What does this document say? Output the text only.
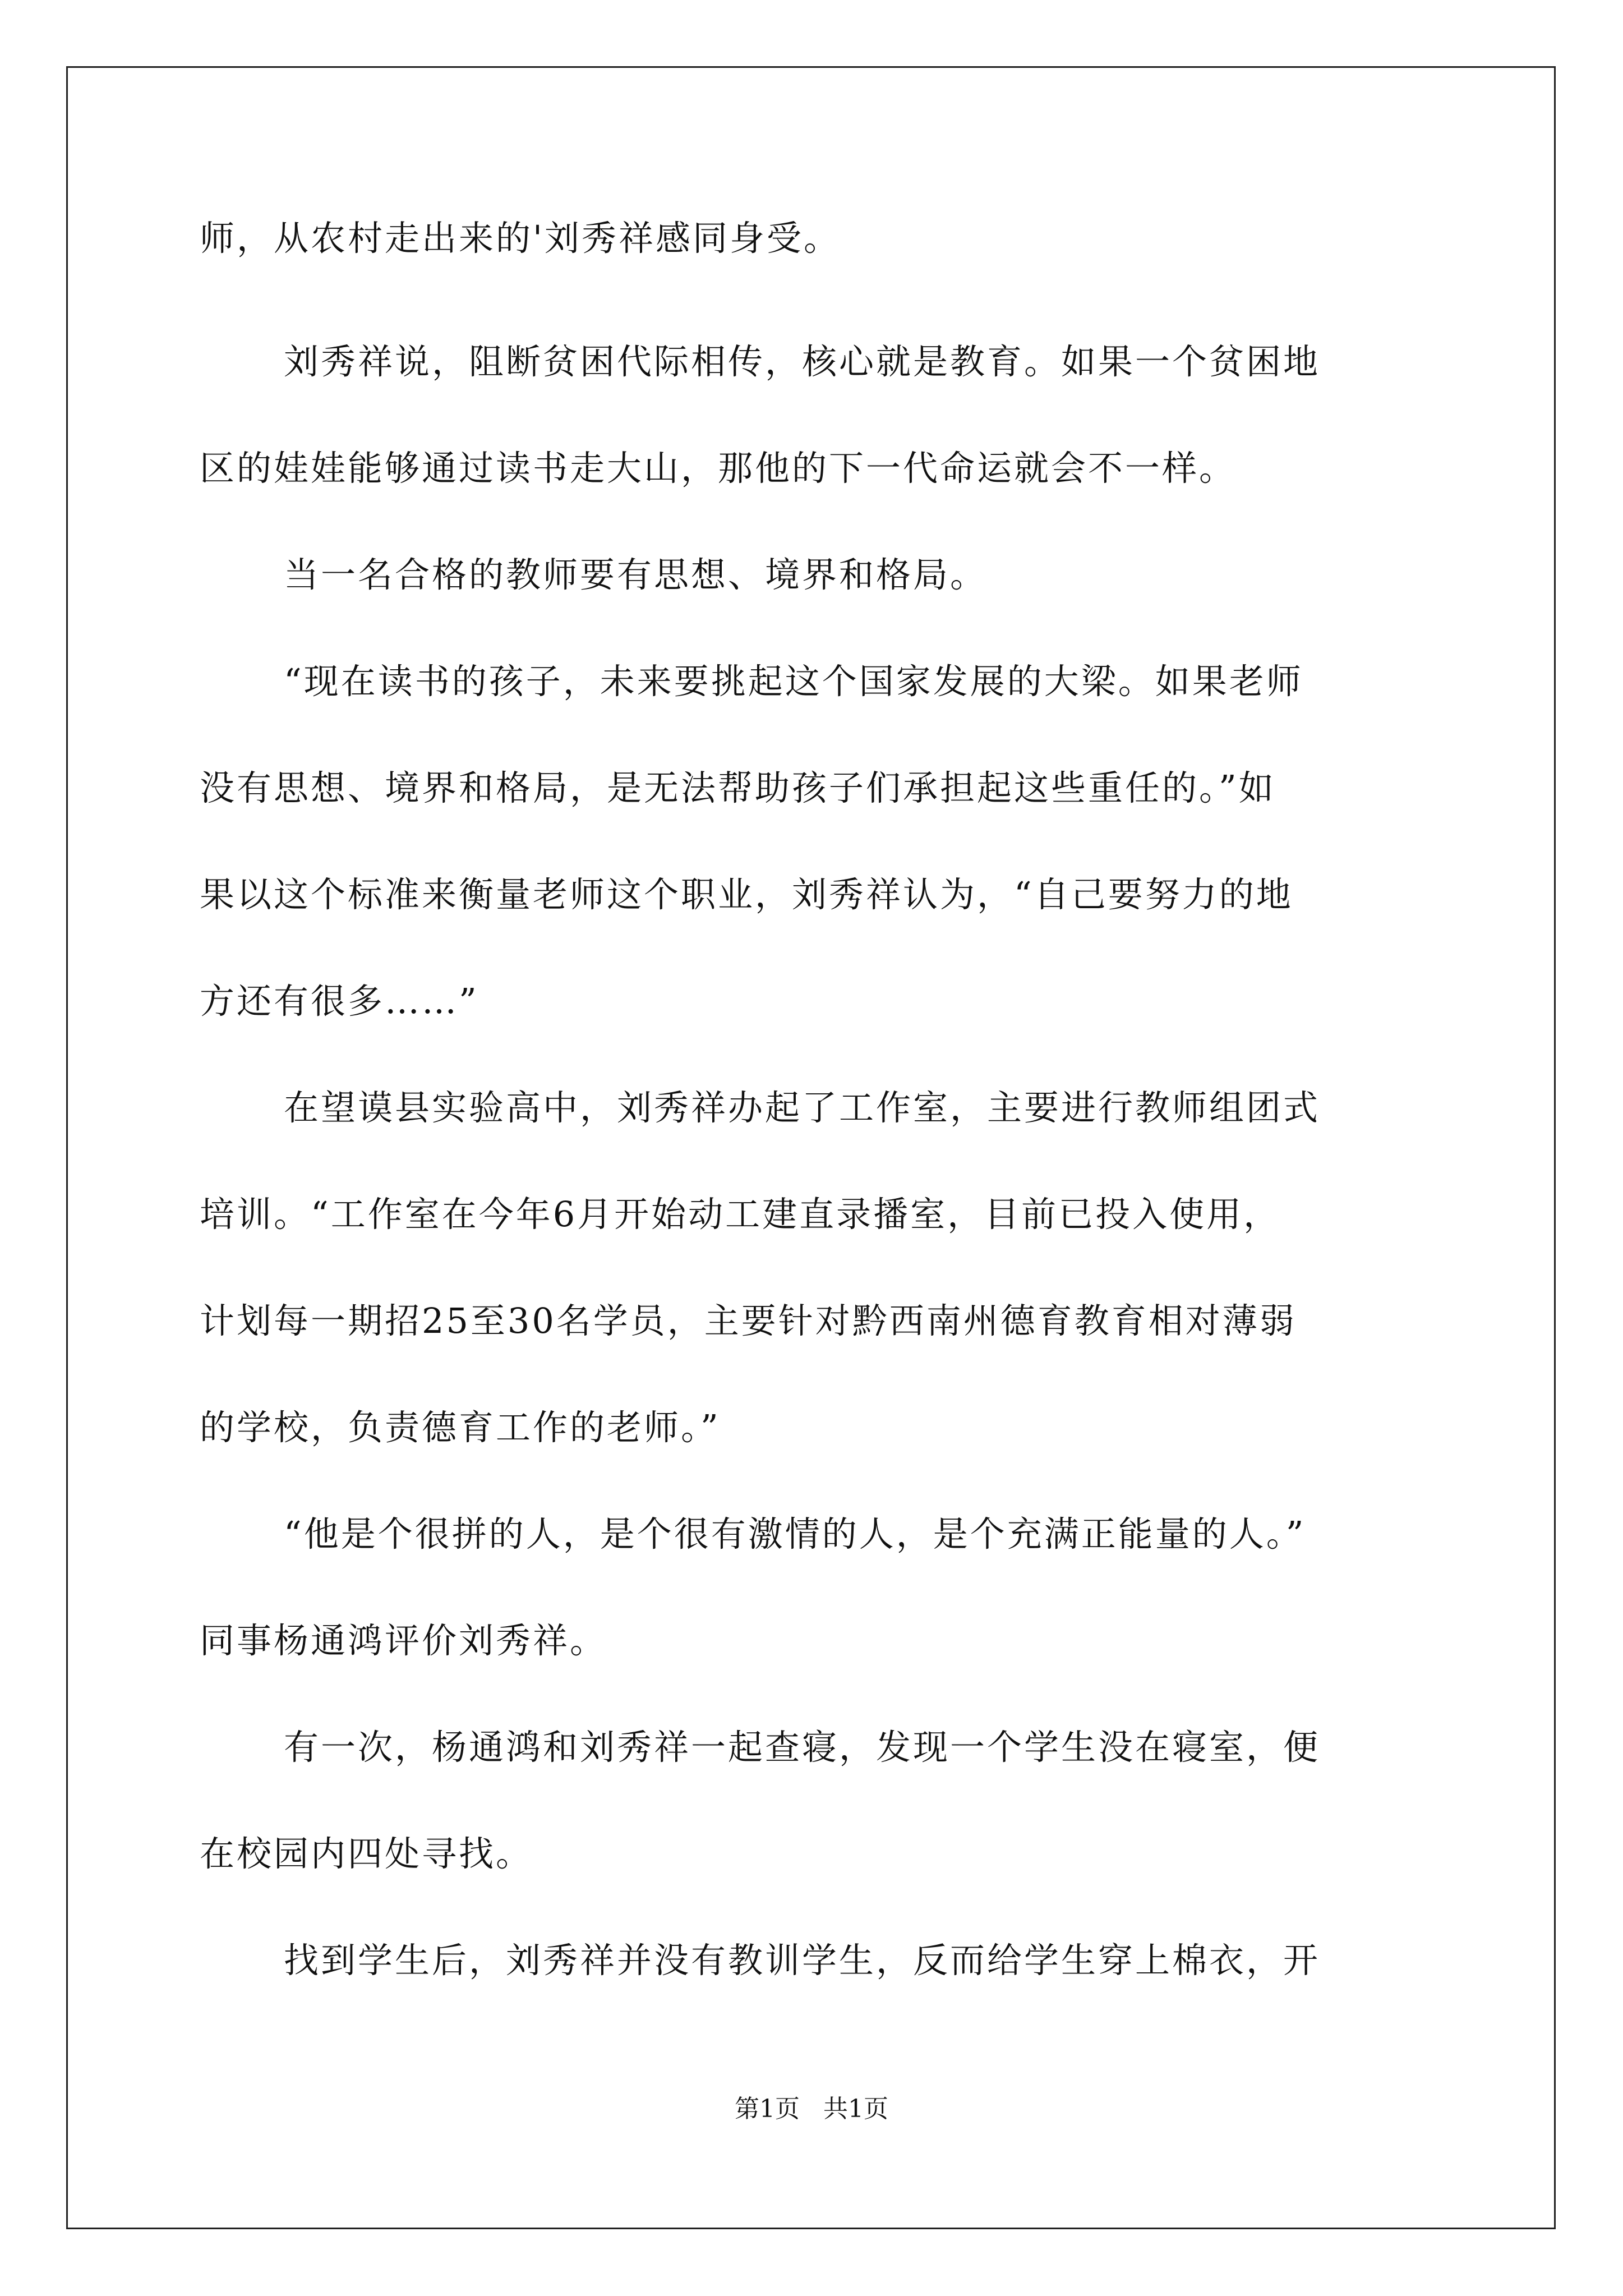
师，从农村走出来的'刘秀祥感同身受。
刘秀祥说，阻断贫困代际相传，核心就是教育。如果一个贫困地
区的娃娃能够通过读书走大山，那他的下一代命运就会不一样。
当一名合格的教师要有思想、境界和格局。
“现在读书的孩子，未来要挑起这个国家发展的大梁。如果老师
没有思想、境界和格局，是无法帮助孩子们承担起这些重任的。”如
果以这个标准来衡量老师这个职业，刘秀祥认为，“自己要努力的地
方还有很多……”
在望谟县实验高中，刘秀祥办起了工作室，主要进行教师组团式
培训。“工作室在今年6月开始动工建直录播室，目前已投入使用，
计划每一期招25至30名学员，主要针对黔西南州德育教育相对薄弱
的学校，负责德育工作的老师。”
“他是个很拼的人，是个很有激情的人，是个充满正能量的人。”
同事杨通鸿评价刘秀祥。
有一次，杨通鸿和刘秀祥一起查寝，发现一个学生没在寝室，便
在校园内四处寻找。
找到学生后，刘秀祥并没有教训学生，反而给学生穿上棉衣，开
第1页   共1页
